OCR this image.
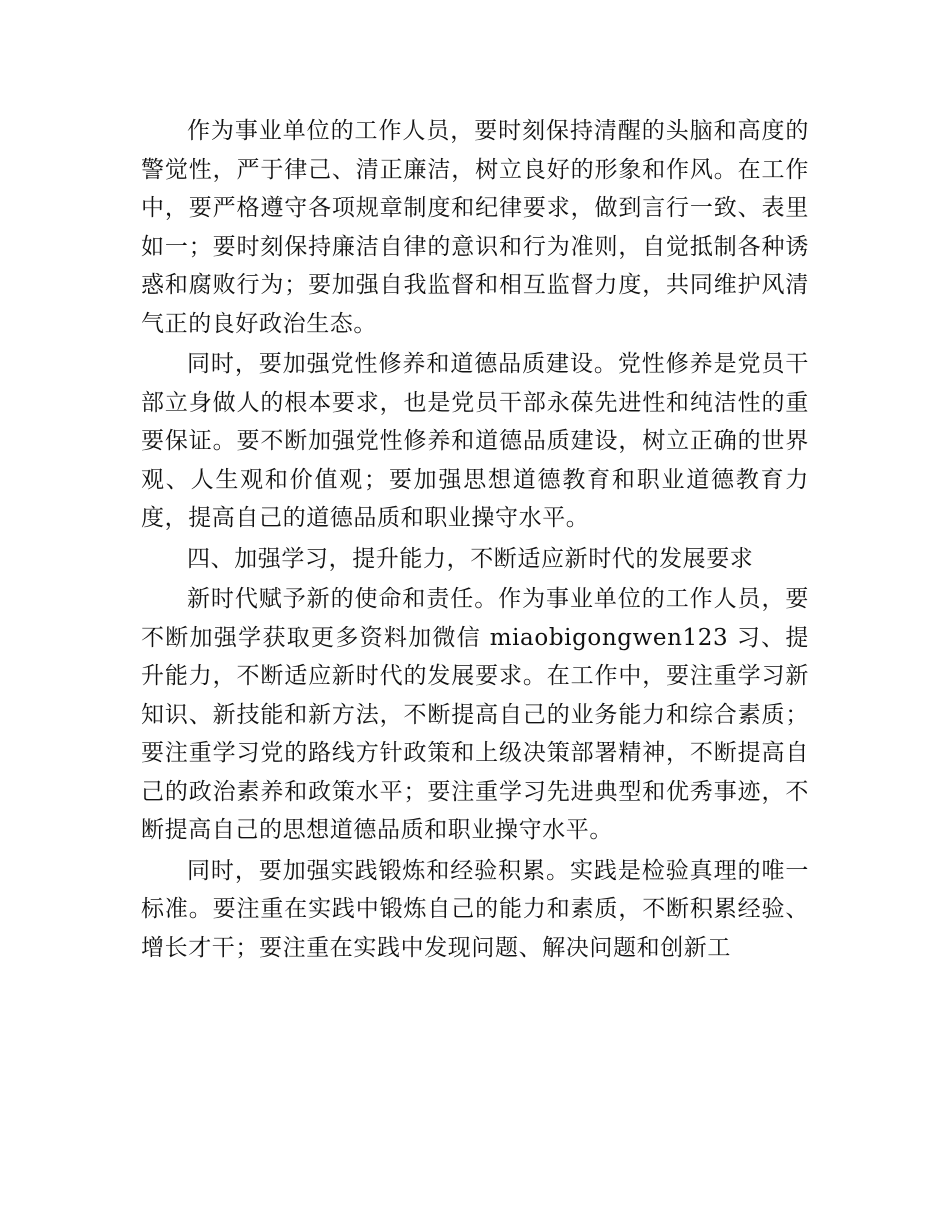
作为事业单位的工作人员，要时刻保持清醒的头脑和高度的警觉性，严于律己、清正廉洁，树立良好的形象和作风。在工作中，要严格遵守各项规章制度和纪律要求，做到言行一致、表里如一；要时刻保持廉洁自律的意识和行为准则，自觉抵制各种诱惑和腐败行为；要加强自我监督和相互监督力度，共同维护风清气正的良好政治生态。

同时，要加强党性修养和道德品质建设。党性修养是党员干部立身做人的根本要求，也是党员干部永葆先进性和纯洁性的重要保证。要不断加强党性修养和道德品质建设，树立正确的世界观、人生观和价值观；要加强思想道德教育和职业道德教育力度，提高自己的道德品质和职业操守水平。

四、加强学习，提升能力，不断适应新时代的发展要求

新时代赋予新的使命和责任。作为事业单位的工作人员，要不断加强学获取更多资料加微信 miaobigongwen123 习、提升能力，不断适应新时代的发展要求。在工作中，要注重学习新知识、新技能和新方法，不断提高自己的业务能力和综合素质；要注重学习党的路线方针政策和上级决策部署精神，不断提高自己的政治素养和政策水平；要注重学习先进典型和优秀事迹，不断提高自己的思想道德品质和职业操守水平。

同时，要加强实践锻炼和经验积累。实践是检验真理的唯一标准。要注重在实践中锻炼自己的能力和素质，不断积累经验、增长才干；要注重在实践中发现问题、解决问题和创新工
